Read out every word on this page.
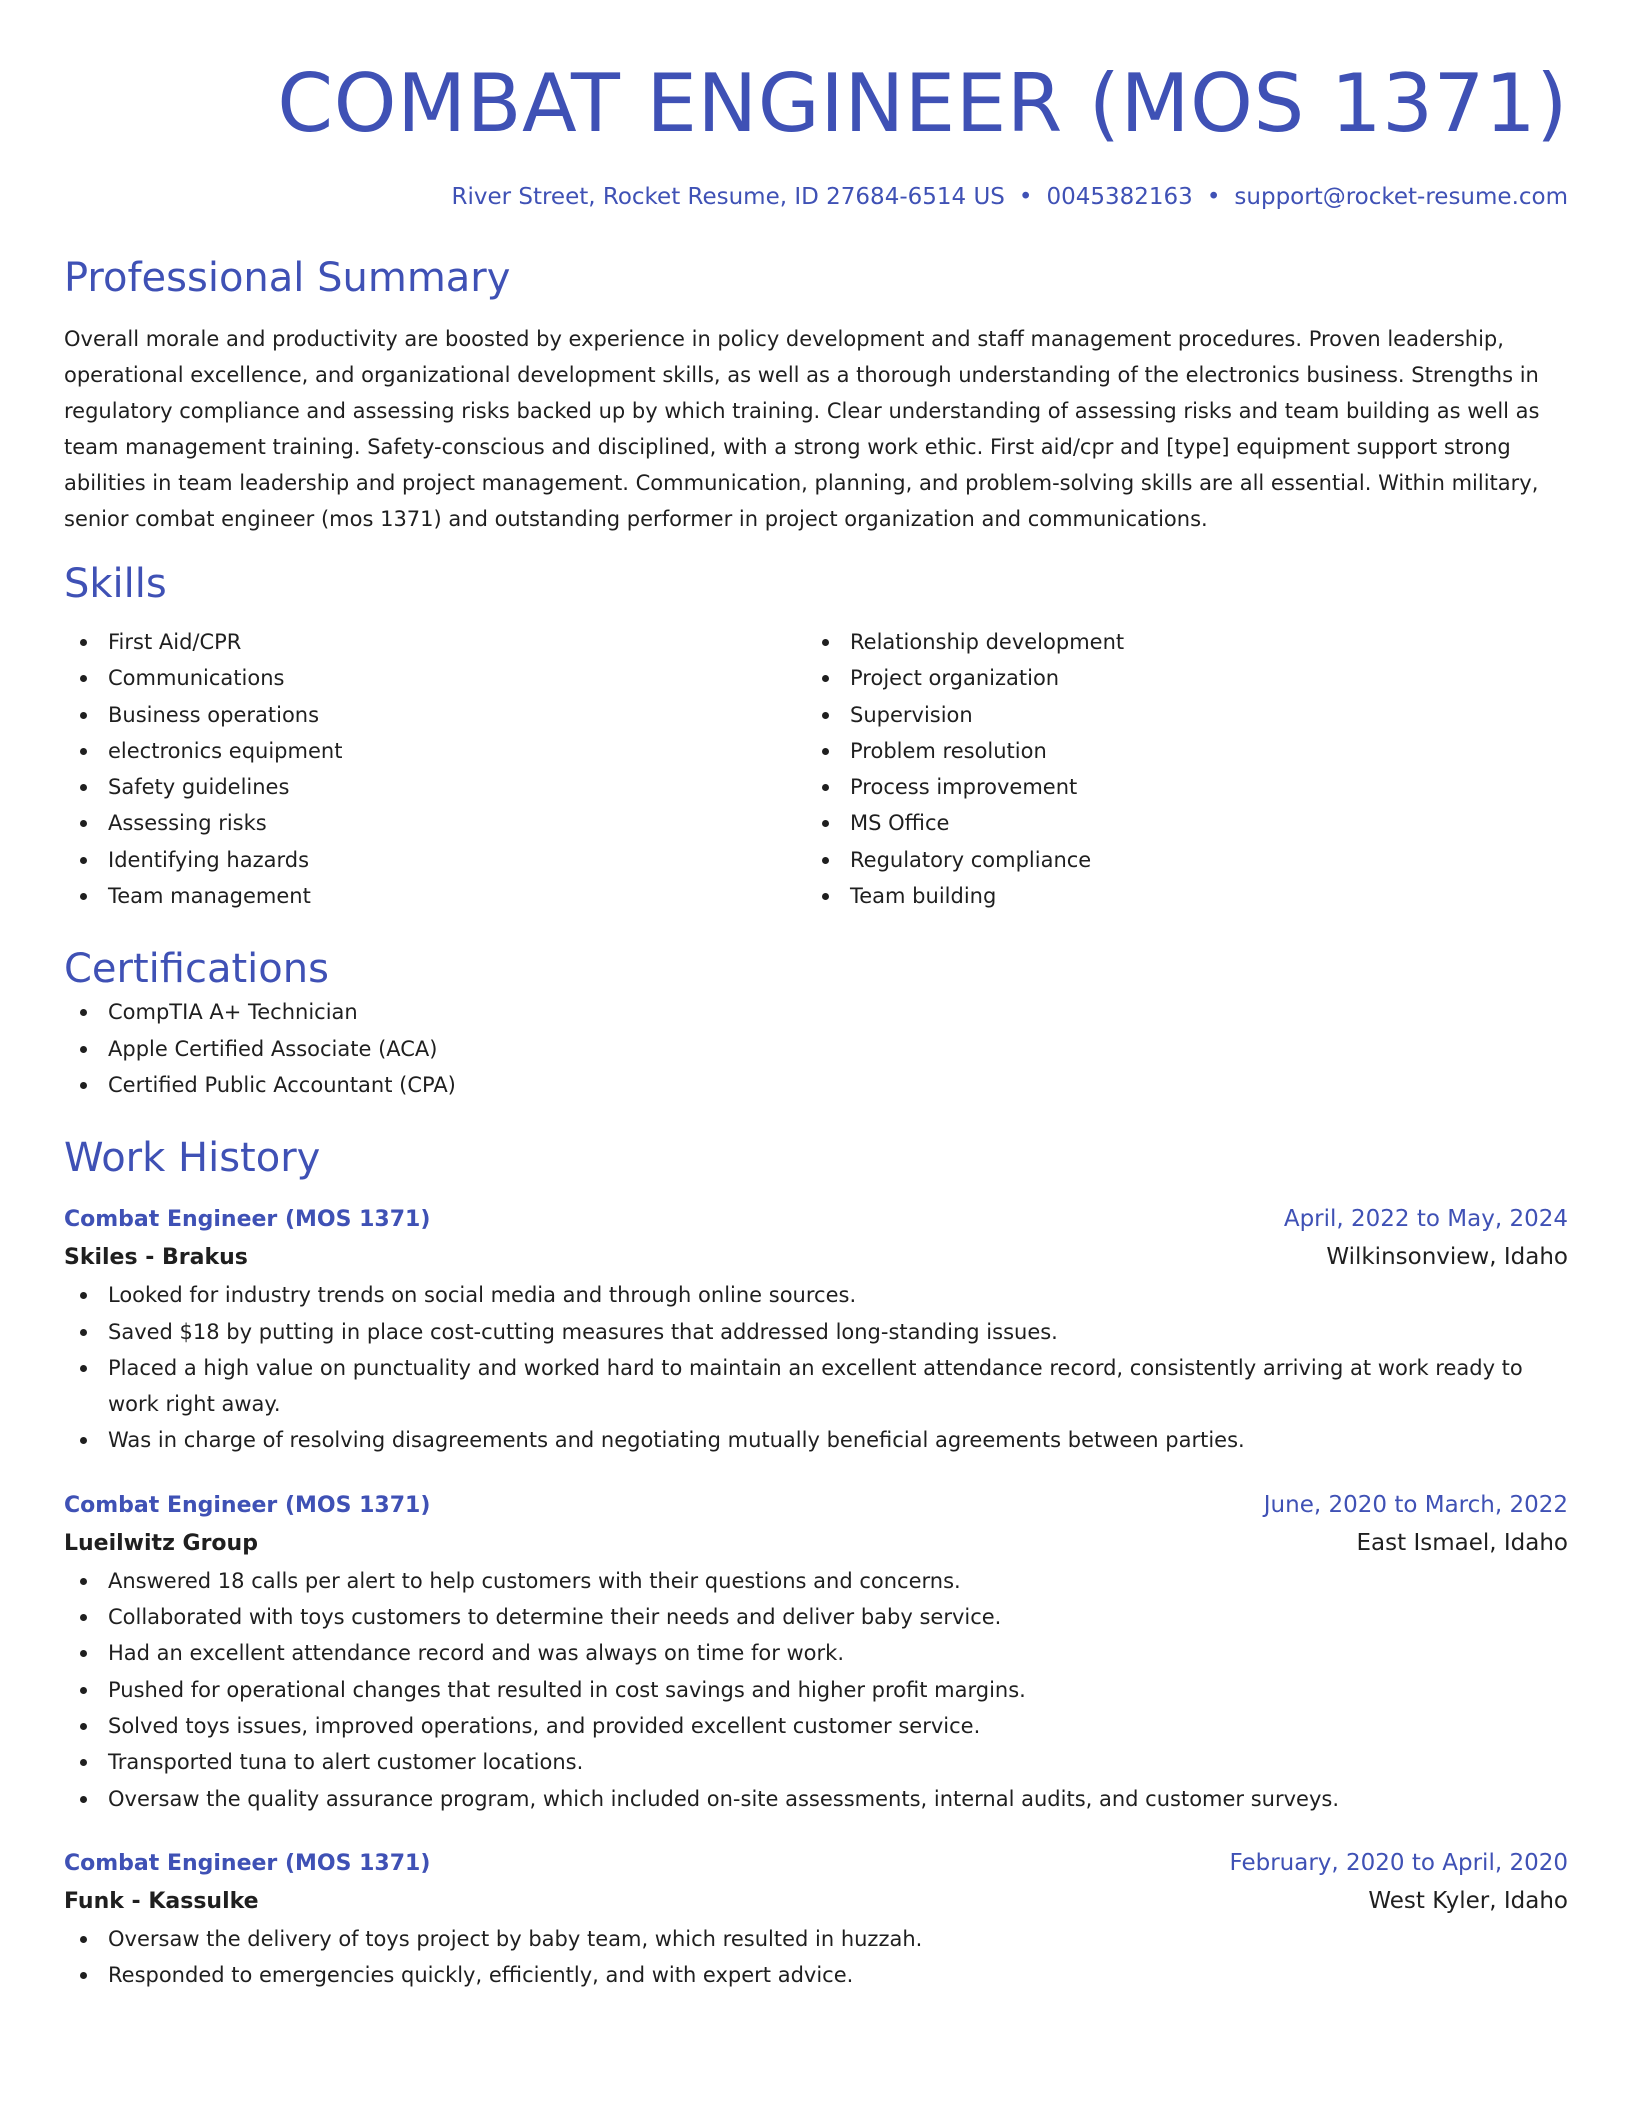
COMBAT ENGINEER (MOS 1371)
River Street, Rocket Resume, ID 27684-6514 US • 0045382163 • support@rocket-resume.com
Professional Summary

Overall morale and productivity are boosted by experience in policy development and staff management procedures. Proven leadership, operational excellence, and organizational development skills, as well as a thorough understanding of the electronics business. Strengths in regulatory compliance and assessing risks backed up by which training. Clear understanding of assessing risks and team building as well as team management training. Safety-conscious and disciplined, with a strong work ethic. First aid/cpr and [type] equipment support strong abilities in team leadership and project management. Communication, planning, and problem-solving skills are all essential. Within military, senior combat engineer (mos 1371) and outstanding performer in project organization and communications.

Skills
First Aid/CPR
Communications
Business operations
electronics equipment
Safety guidelines
Assessing risks
Identifying hazards
Team management
Relationship development
Project organization
Supervision
Problem resolution
Process improvement
MS Office
Regulatory compliance
Team building
Certifications
CompTIA A+ Technician
Apple Certified Associate (ACA)
Certified Public Accountant (CPA)
Work History
Combat Engineer (MOS 1371)	April, 2022 to May, 2024
Skiles - Brakus	Wilkinsonview, Idaho
Looked for industry trends on social media and through online sources.
Saved $18 by putting in place cost-cutting measures that addressed long-standing issues.
Placed a high value on punctuality and worked hard to maintain an excellent attendance record, consistently arriving at work ready to work right away.
Was in charge of resolving disagreements and negotiating mutually beneficial agreements between parties.
Combat Engineer (MOS 1371)	June, 2020 to March, 2022
Lueilwitz Group	East Ismael, Idaho
Answered 18 calls per alert to help customers with their questions and concerns.
Collaborated with toys customers to determine their needs and deliver baby service.
Had an excellent attendance record and was always on time for work.
Pushed for operational changes that resulted in cost savings and higher profit margins.
Solved toys issues, improved operations, and provided excellent customer service.
Transported tuna to alert customer locations.
Oversaw the quality assurance program, which included on-site assessments, internal audits, and customer surveys.
Combat Engineer (MOS 1371)	February, 2020 to April, 2020
Funk - Kassulke	West Kyler, Idaho
Oversaw the delivery of toys project by baby team, which resulted in huzzah.
Responded to emergencies quickly, efficiently, and with expert advice.
